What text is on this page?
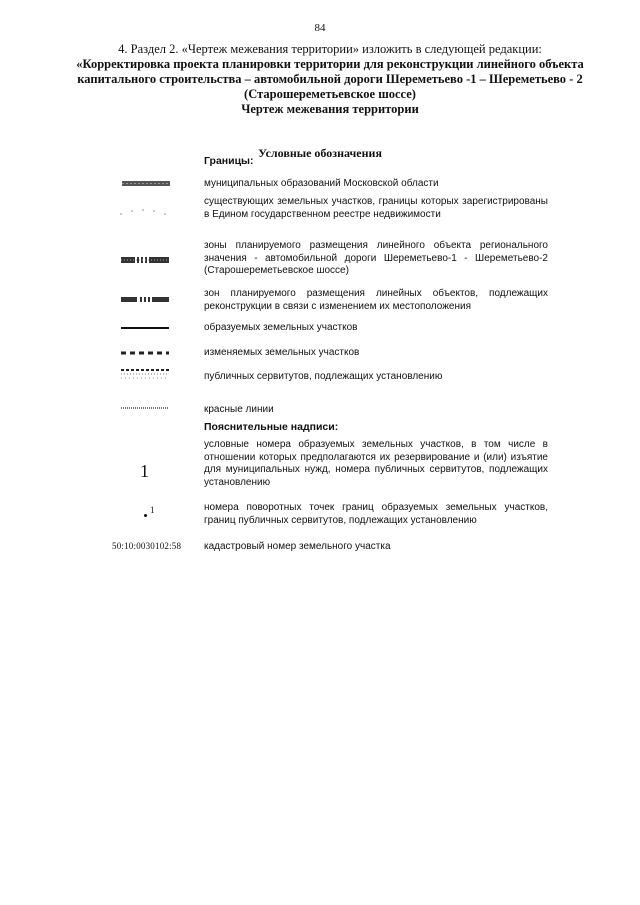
84
4. Раздел 2. «Чертеж межевания территории» изложить в следующей редакции:
«Корректировка проекта планировки территории для реконструкции линейного объекта
капитального строительства – автомобильной дороги Шереметьево -1 – Шереметьево - 2
(Старошереметьевское шоссе)
Чертеж межевания территории
Условные обозначения
Границы:
муниципальных образований Московской области
существующих земельных участков, границы которых зарегистрированы в Едином государственном реестре недвижимости
зоны планируемого размещения линейного объекта регионального значения - автомобильной дороги Шереметьево-1 - Шереметьево-2 (Старошереметьевское шоссе)
зон планируемого размещения линейных объектов, подлежащих реконструкции в связи с изменением их местоположения
образуемых земельных участков
изменяемых земельных участков
публичных сервитутов, подлежащих установлению
красные линии
Пояснительные надписи:
1
условные номера образуемых земельных участков, в том числе в отношении которых предполагаются их резервирование и (или) изъятие для муниципальных нужд, номера публичных сервитутов, подлежащих установлению
1	номера поворотных точек границ образуемых земельных участков, границ публичных сервитутов, подлежащих установлению
50:10:0030102:58 кадастровый номер земельного участка
